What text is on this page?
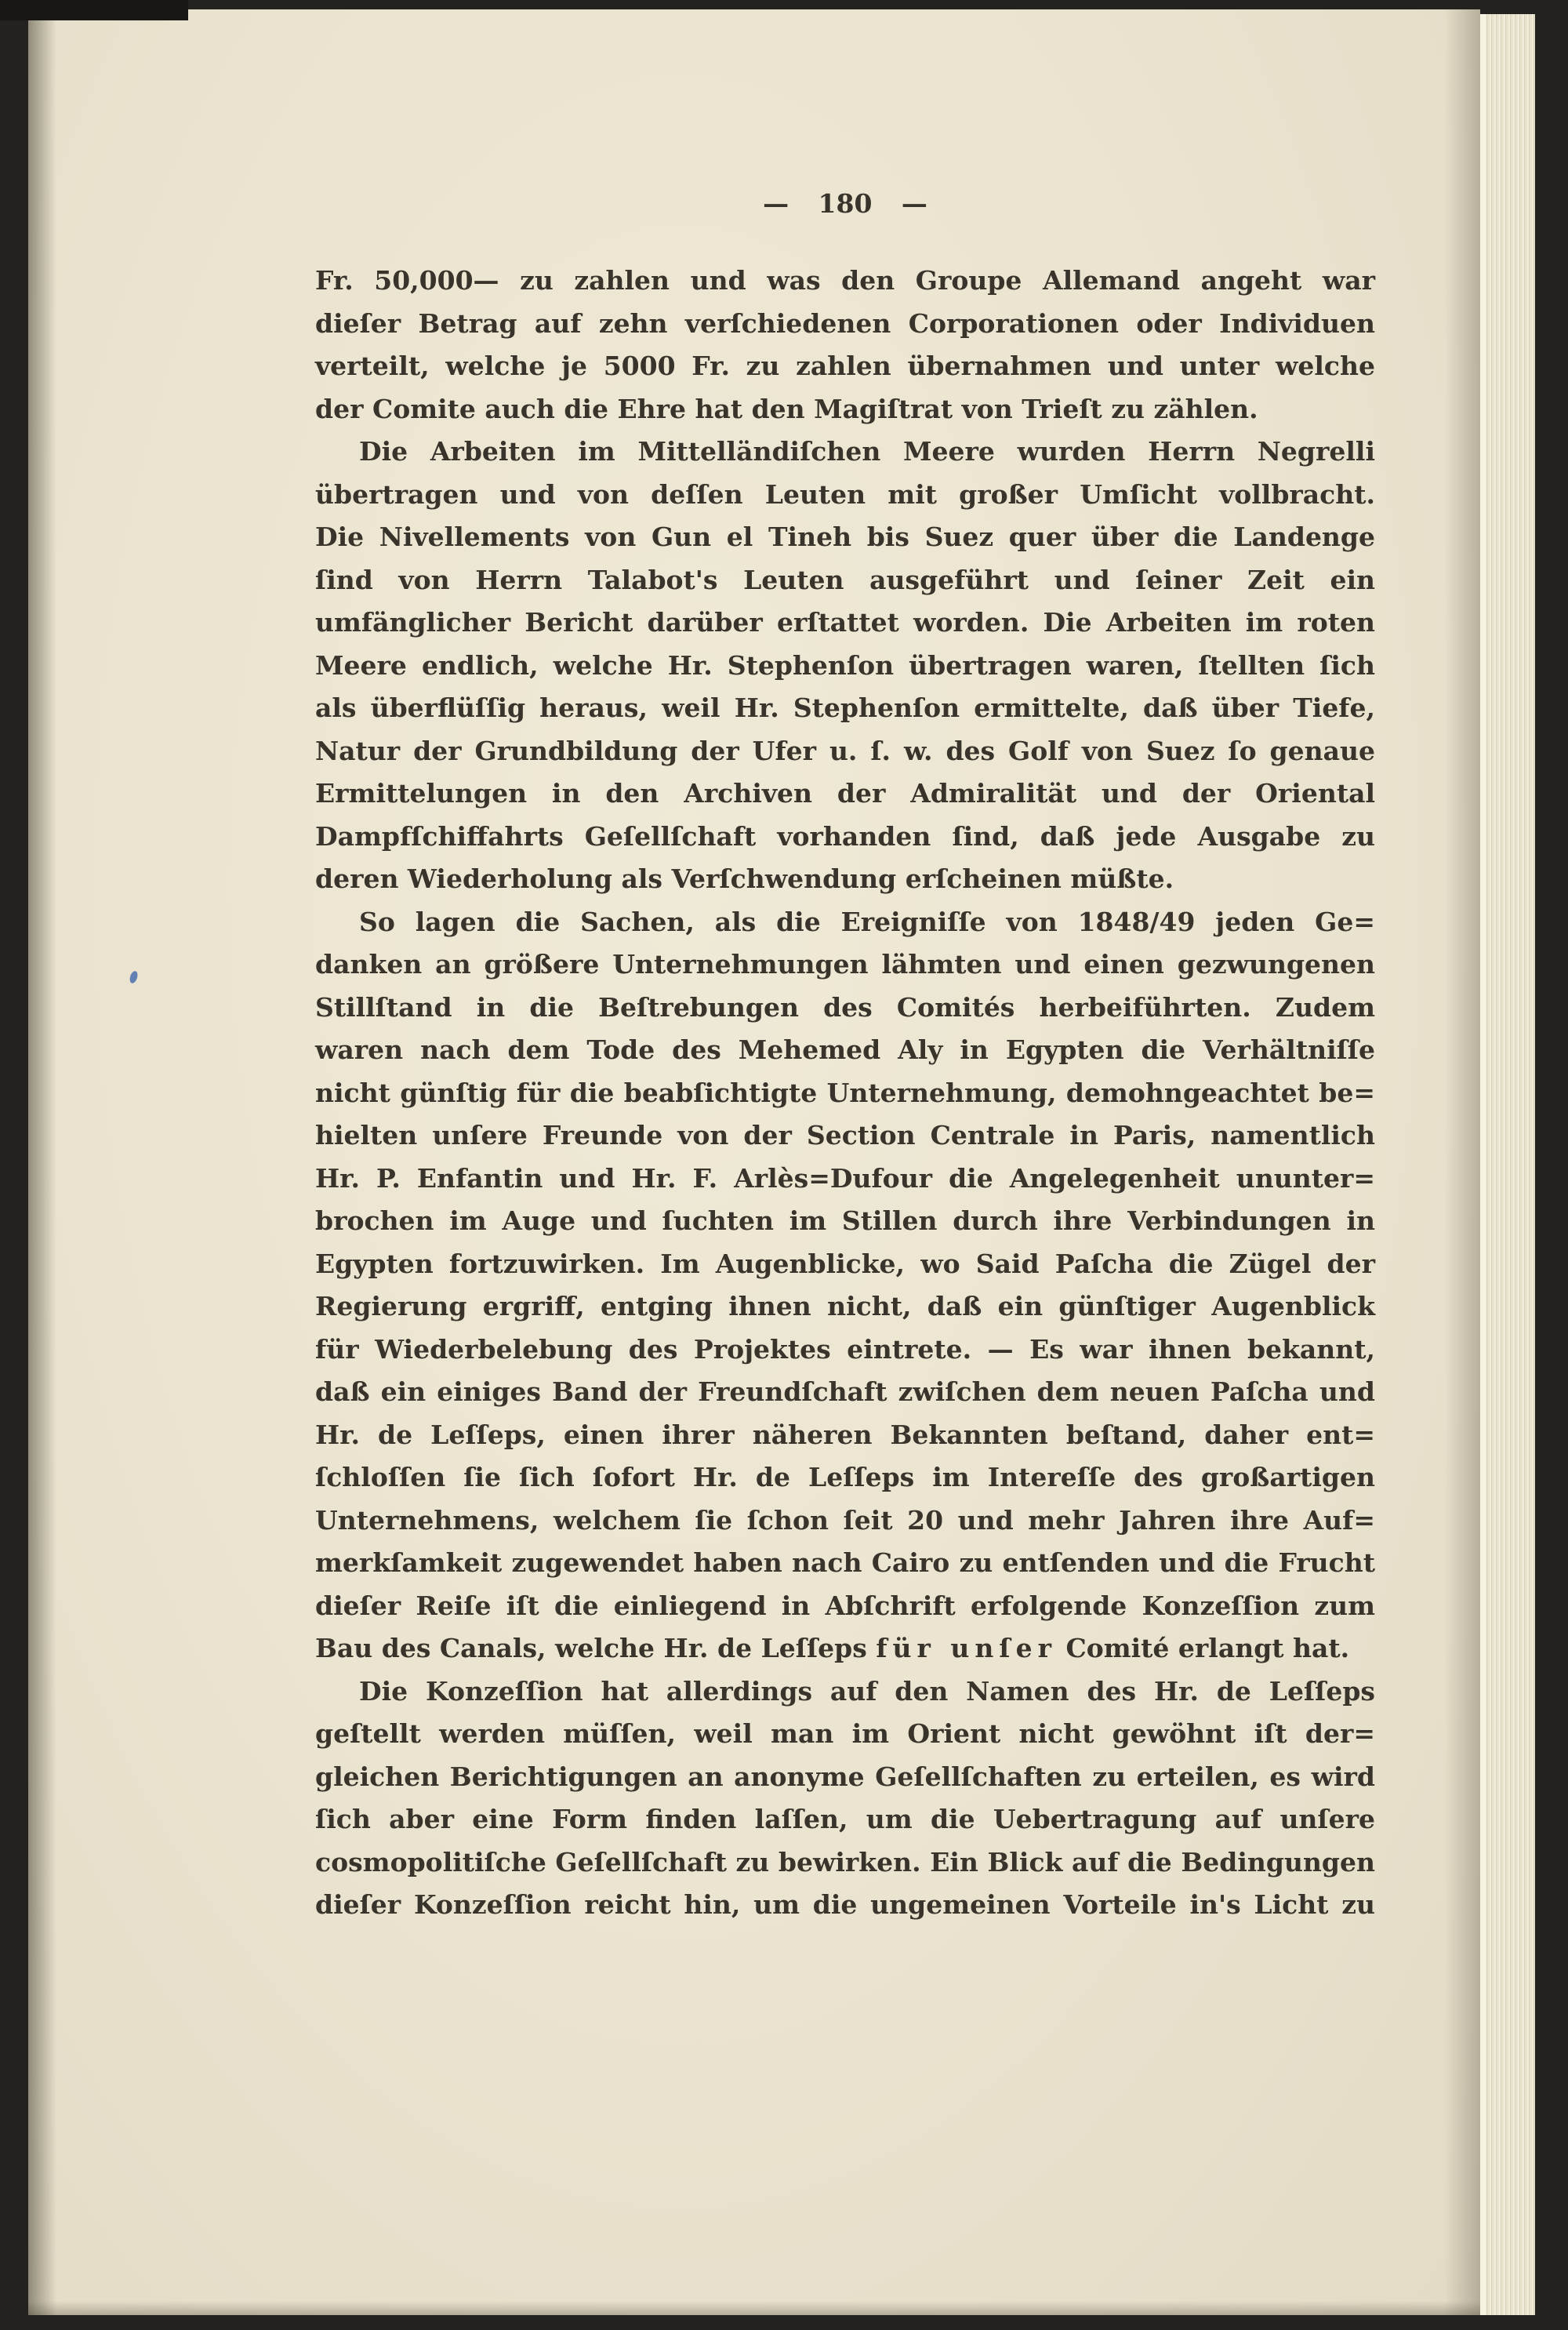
— 180 —
Fr. 50,000— zu zahlen und was den Groupe Allemand angeht war
dieſer Betrag auf zehn verſchiedenen Corporationen oder Individuen
verteilt, welche je 5000 Fr. zu zahlen übernahmen und unter welche
der Comite auch die Ehre hat den Magiſtrat von Trieſt zu zählen.
Die Arbeiten im Mittelländiſchen Meere wurden Herrn Negrelli
übertragen und von deſſen Leuten mit großer Umſicht vollbracht.
Die Nivellements von Gun el Tineh bis Suez quer über die Landenge
ſind von Herrn Talabot's Leuten ausgeführt und ſeiner Zeit ein
umfänglicher Bericht darüber erſtattet worden. Die Arbeiten im roten
Meere endlich, welche Hr. Stephenſon übertragen waren, ſtellten ſich
als überflüſſig heraus, weil Hr. Stephenſon ermittelte, daß über Tiefe,
Natur der Grundbildung der Ufer u. ſ. w. des Golf von Suez ſo genaue
Ermittelungen in den Archiven der Admiralität und der Oriental
Dampfſchiffahrts Geſellſchaft vorhanden ſind, daß jede Ausgabe zu
deren Wiederholung als Verſchwendung erſcheinen müßte.
So lagen die Sachen, als die Ereigniſſe von 1848/49 jeden Ge=
danken an größere Unternehmungen lähmten und einen gezwungenen
Stillſtand in die Beſtrebungen des Comités herbeiführten. Zudem
waren nach dem Tode des Mehemed Aly in Egypten die Verhältniſſe
nicht günſtig für die beabſichtigte Unternehmung, demohngeachtet be=
hielten unſere Freunde von der Section Centrale in Paris, namentlich
Hr. P. Enfantin und Hr. F. Arlès=Dufour die Angelegenheit ununter=
brochen im Auge und ſuchten im Stillen durch ihre Verbindungen in
Egypten fortzuwirken. Im Augenblicke, wo Said Paſcha die Zügel der
Regierung ergriff, entging ihnen nicht, daß ein günſtiger Augenblick
für Wiederbelebung des Projektes eintrete. — Es war ihnen bekannt,
daß ein einiges Band der Freundſchaft zwiſchen dem neuen Paſcha und
Hr. de Leſſeps, einen ihrer näheren Bekannten beſtand, daher ent=
ſchloſſen ſie ſich ſofort Hr. de Leſſeps im Intereſſe des großartigen
Unternehmens, welchem ſie ſchon ſeit 20 und mehr Jahren ihre Auf=
merkſamkeit zugewendet haben nach Cairo zu entſenden und die Frucht
dieſer Reiſe iſt die einliegend in Abſchrift erfolgende Konzeſſion zum
Bau des Canals, welche Hr. de Leſſeps für unſer Comité erlangt hat.
Die Konzeſſion hat allerdings auf den Namen des Hr. de Leſſeps
geſtellt werden müſſen, weil man im Orient nicht gewöhnt iſt der=
gleichen Berichtigungen an anonyme Geſellſchaften zu erteilen, es wird
ſich aber eine Form finden laſſen, um die Uebertragung auf unſere
cosmopolitiſche Geſellſchaft zu bewirken. Ein Blick auf die Bedingungen
dieſer Konzeſſion reicht hin, um die ungemeinen Vorteile in's Licht zu
